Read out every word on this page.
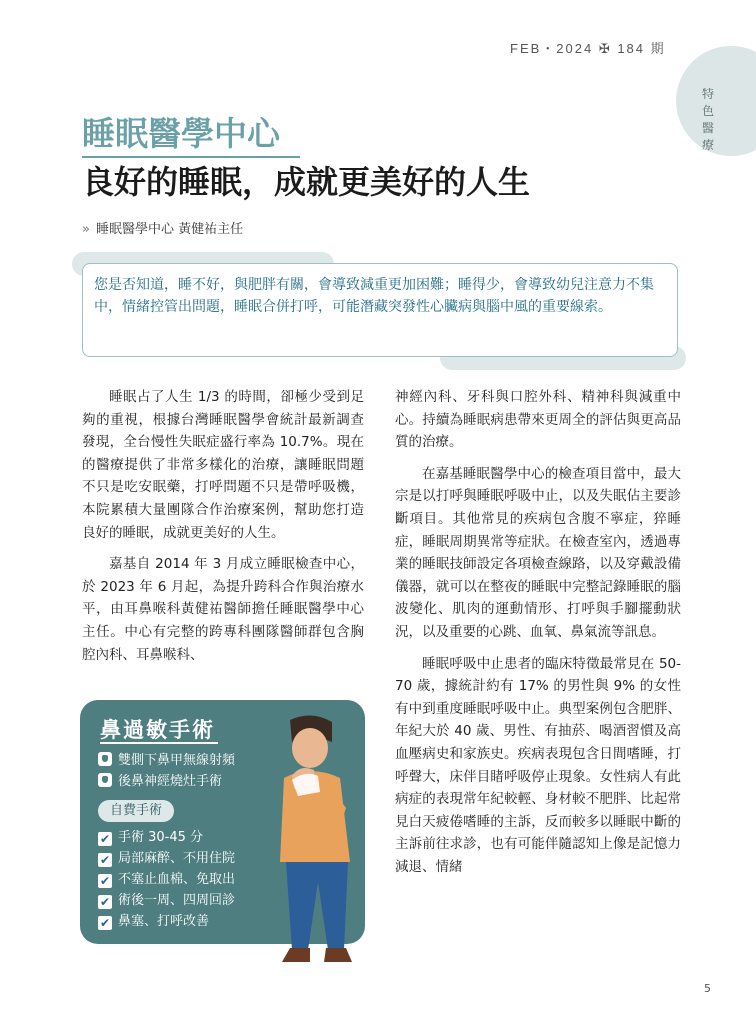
FEB・2024 ✠ 184 期
特色醫療
睡眠醫學中心
良好的睡眠，成就更美好的人生
» 睡眠醫學中心 黃健祐主任
您是否知道，睡不好，與肥胖有關，會導致減重更加困難；睡得少，會導致幼兒注意力不集中，情緒控管出問題，睡眠合併打呼，可能潛藏突發性心臟病與腦中風的重要線索。

睡眠占了人生 1/3 的時間，卻極少受到足夠的重視，根據台灣睡眠醫學會統計最新調查發現，全台慢性失眠症盛行率為 10.7%。現在的醫療提供了非常多樣化的治療，讓睡眠問題不只是吃安眠藥，打呼問題不只是帶呼吸機，本院累積大量團隊合作治療案例，幫助您打造良好的睡眠，成就更美好的人生。

嘉基自 2014 年 3 月成立睡眠檢查中心，於 2023 年 6 月起，為提升跨科合作與治療水平，由耳鼻喉科黃健祐醫師擔任睡眠醫學中心主任。中心有完整的跨專科團隊醫師群包含胸腔內科、耳鼻喉科、

神經內科、牙科與口腔外科、精神科與減重中心。持續為睡眠病患帶來更周全的評估與更高品質的治療。

在嘉基睡眠醫學中心的檢查項目當中，最大宗是以打呼與睡眠呼吸中止，以及失眠佔主要診斷項目。其他常見的疾病包含腹不寧症，猝睡症，睡眠周期異常等症狀。在檢查室內，透過專業的睡眠技師設定各項檢查線路，以及穿戴設備儀器，就可以在整夜的睡眠中完整記錄睡眠的腦波變化、肌肉的運動情形、打呼與手腳擺動狀況，以及重要的心跳、血氧、鼻氣流等訊息。

睡眠呼吸中止患者的臨床特徵最常見在 50-70 歲，據統計約有 17% 的男性與 9% 的女性有中到重度睡眠呼吸中止。典型案例包含肥胖、年紀大於 40 歲、男性、有抽菸、喝酒習慣及高血壓病史和家族史。疾病表現包含日間嗜睡，打呼聲大，床伴目睹呼吸停止現象。女性病人有此病症的表現常年紀較輕、身材較不肥胖、比起常見白天疲倦嗜睡的主訴，反而較多以睡眠中斷的主訴前往求診，也有可能伴隨認知上像是記憶力減退、情緒

鼻過敏手術
雙側下鼻甲無線射頻
後鼻神經燒灶手術
自費手術
✔ 手術 30-45 分
✔ 局部麻醉、不用住院
✔ 不塞止血棉、免取出
✔ 術後一周、四周回診
✔ 鼻塞、打呼改善
5
